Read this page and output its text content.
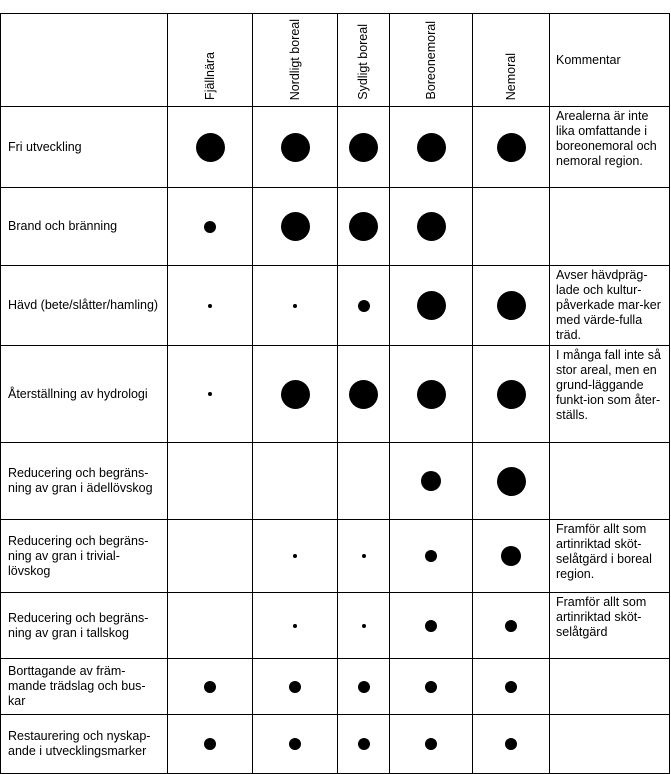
	Fjällnära	Nordligt boreal	Sydligt boreal	Boreonemoral	Nemoral	Kommentar
Fri utveckling						Arealerna är inte lika omfattande i boreonemoral och nemoral region.
Brand och bränning						
Hävd (bete/slåtter/hamling)						Avser hävdpräg-lade och kultur-påverkade mar-ker med värde-fulla träd.
Återställning av hydrologi						I många fall inte så stor areal, men en grund-läggande funkt-ion som åter-ställs.
Reducering och begräns-ning av gran i ädellövskog						
Reducering och begräns-ning av gran i trivial-lövskog						Framför allt som artinriktad sköt-selåtgärd i boreal region.
Reducering och begräns-ning av gran i tallskog						Framför allt som artinriktad sköt-selåtgärd
Borttagande av främ-mande trädslag och bus-kar						
Restaurering och nyskap-ande i utvecklingsmarker						
